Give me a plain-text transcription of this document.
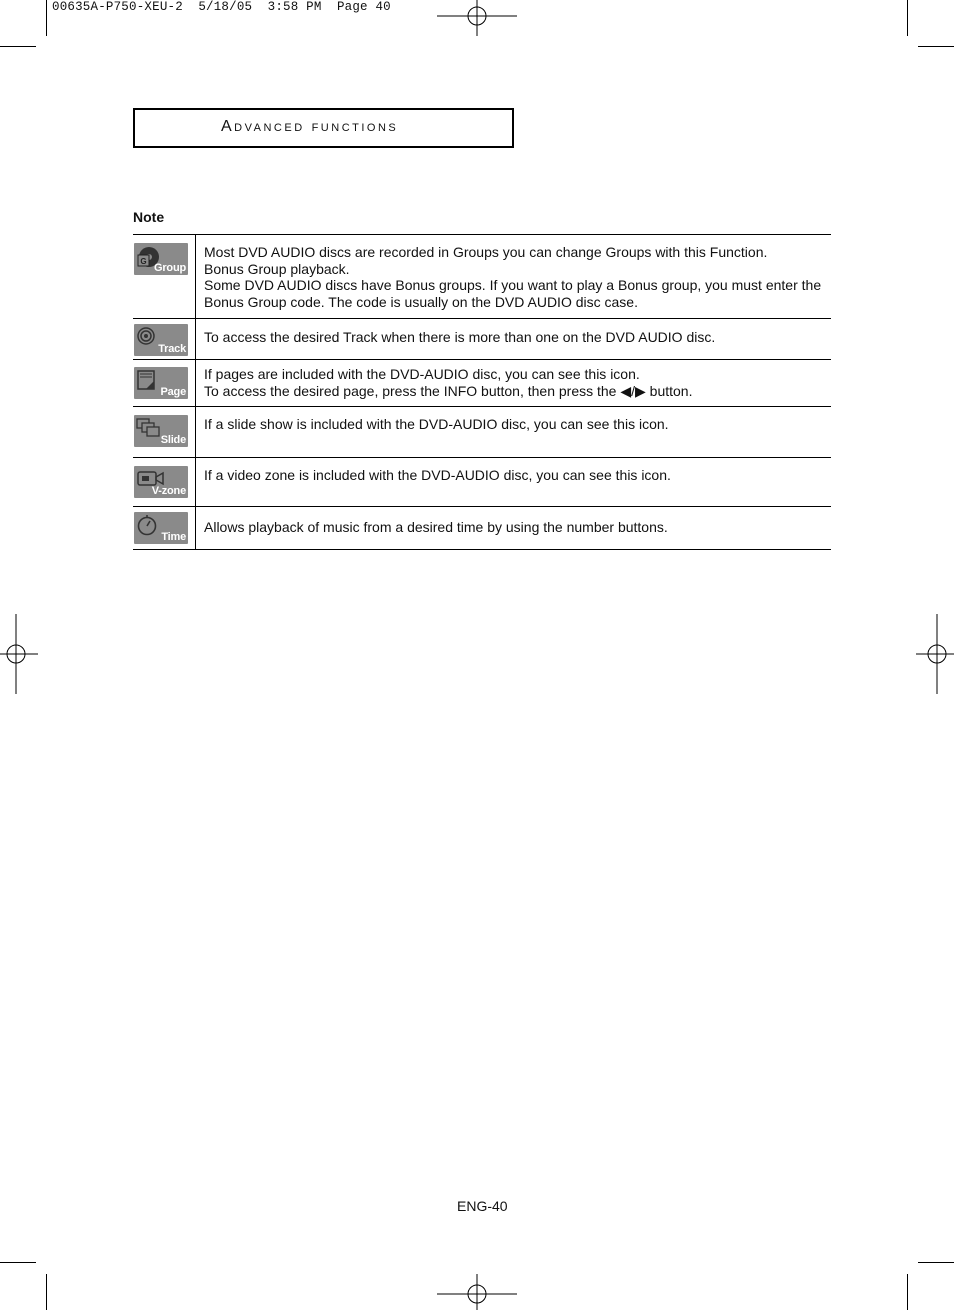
00635A-P750-XEU-2  5/18/05  3:58 PM  Page 40
Advanced functions
Note
G
Group
Most DVD AUDIO discs are recorded in Groups you can change Groups with this Function.
Bonus Group playback.
Some DVD AUDIO discs have Bonus groups. If you want to play a Bonus group, you must enter the
Bonus Group code. The code is usually on the DVD AUDIO disc case.
Track
To access the desired Track when there is more than one on the DVD AUDIO disc.
Page
If pages are included with the DVD-AUDIO disc, you can see this icon.
To access the desired page, press the INFO button, then press the ◀/▶ button.
Slide
If a slide show is included with the DVD-AUDIO disc, you can see this icon.
V-zone
If a video zone is included with the DVD-AUDIO disc, you can see this icon.
Time
Allows playback of music from a desired time by using the number buttons.
ENG-40
